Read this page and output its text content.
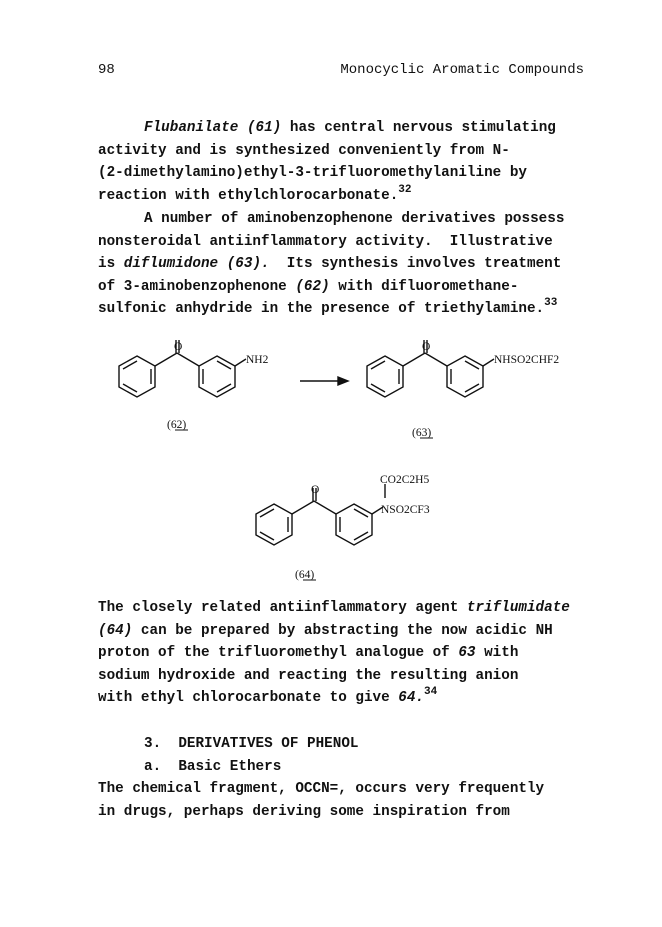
98	Monocyclic Aromatic Compounds
Flubanilate (61) has central nervous stimulating
activity and is synthesized conveniently from N-
(2-dimethylamino)ethyl-3-trifluoromethylaniline by
reaction with ethylchlorocarbonate.$^{32}$
A number of aminobenzophenone derivatives possess
nonsteroidal antiinflammatory activity.  Illustrative
is diflumidone (63).  Its synthesis involves treatment
of 3-aminobenzophenone (62) with difluoromethane-
sulfonic anhydride in the presence of triethylamine.$^{33}$
O
NH2
(62)
O
NHSO2CHF2
(63)
O
CO2C2H5
NSO2CF3
(64)
The closely related antiinflammatory agent triflumidate
(64) can be prepared by abstracting the now acidic NH
proton of the trifluoromethyl analogue of 63 with
sodium hydroxide and reacting the resulting anion
with ethyl chlorocarbonate to give 64.34
3.  DERIVATIVES OF PHENOL
a.  Basic Ethers
The chemical fragment, OCCN=, occurs very frequently
in drugs, perhaps deriving some inspiration from
